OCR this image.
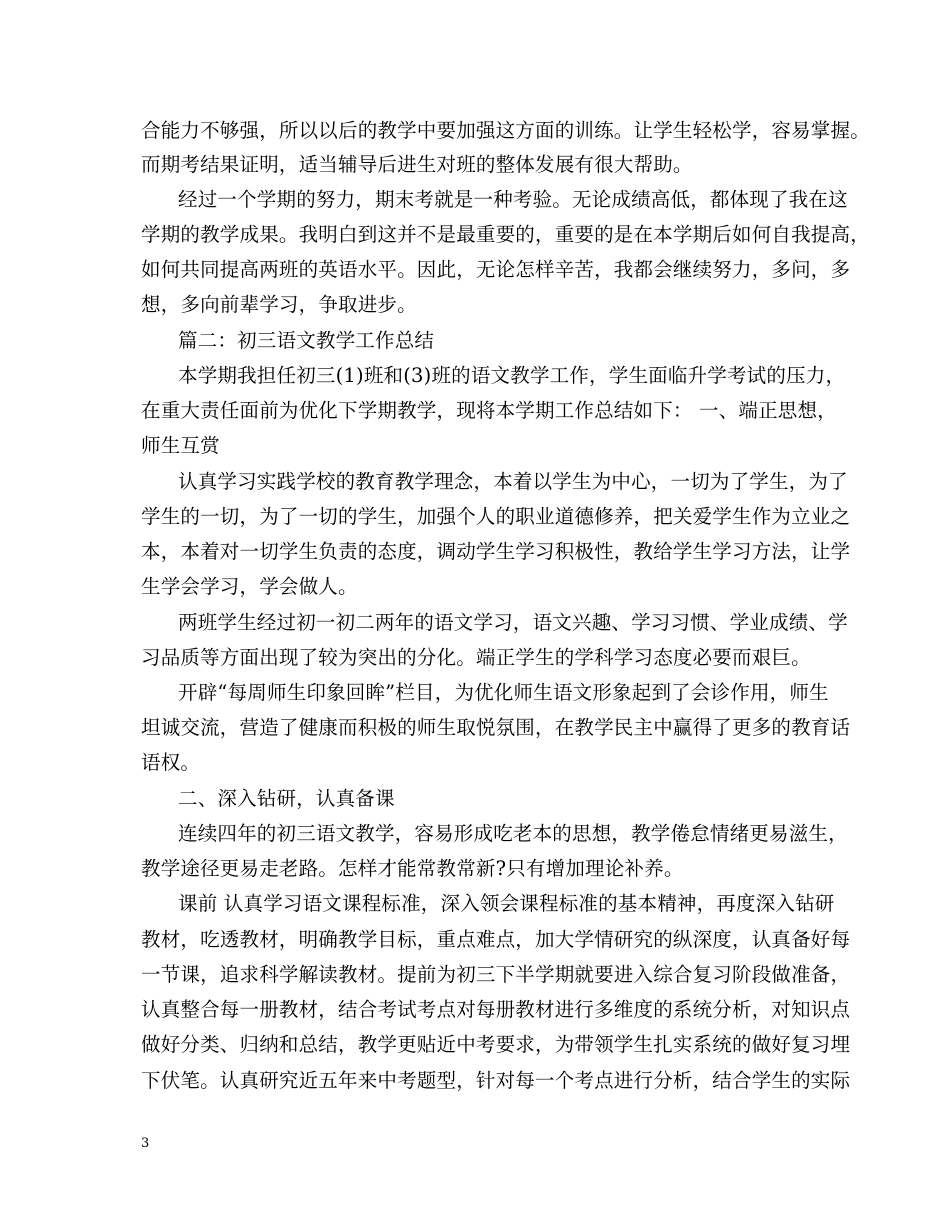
合能力不够强，所以以后的教学中要加强这方面的训练。让学生轻松学，容易掌握。
而期考结果证明，适当辅导后进生对班的整体发展有很大帮助。
经过一个学期的努力，期末考就是一种考验。无论成绩高低，都体现了我在这
学期的教学成果。我明白到这并不是最重要的，重要的是在本学期后如何自我提高，
如何共同提高两班的英语水平。因此，无论怎样辛苦，我都会继续努力，多问，多
想，多向前辈学习，争取进步。
篇二：初三语文教学工作总结
本学期我担任初三(1)班和(3)班的语文教学工作，学生面临升学考试的压力，
在重大责任面前为优化下学期教学，现将本学期工作总结如下： 一、端正思想，
师生互赏
认真学习实践学校的教育教学理念，本着以学生为中心，一切为了学生，为了
学生的一切，为了一切的学生，加强个人的职业道德修养，把关爱学生作为立业之
本，本着对一切学生负责的态度，调动学生学习积极性，教给学生学习方法，让学
生学会学习，学会做人。
两班学生经过初一初二两年的语文学习，语文兴趣、学习习惯、学业成绩、学
习品质等方面出现了较为突出的分化。端正学生的学科学习态度必要而艰巨。
开辟“每周师生印象回眸”栏目，为优化师生语文形象起到了会诊作用，师生
坦诚交流，营造了健康而积极的师生取悦氛围，在教学民主中赢得了更多的教育话
语权。
二、深入钻研，认真备课
连续四年的初三语文教学，容易形成吃老本的思想，教学倦怠情绪更易滋生，
教学途径更易走老路。怎样才能常教常新?只有增加理论补养。
课前 认真学习语文课程标准，深入领会课程标准的基本精神，再度深入钻研
教材，吃透教材，明确教学目标，重点难点，加大学情研究的纵深度，认真备好每
一节课，追求科学解读教材。提前为初三下半学期就要进入综合复习阶段做准备，
认真整合每一册教材，结合考试考点对每册教材进行多维度的系统分析，对知识点
做好分类、归纳和总结，教学更贴近中考要求，为带领学生扎实系统的做好复习埋
下伏笔。认真研究近五年来中考题型，针对每一个考点进行分析，结合学生的实际
3
